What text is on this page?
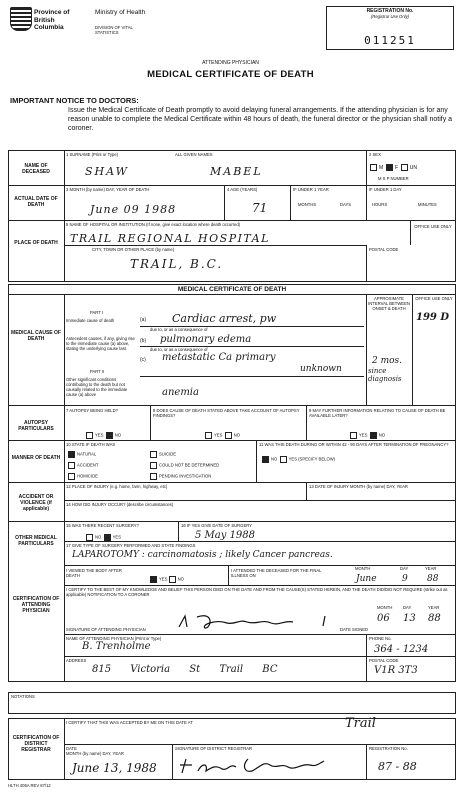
Province of British Columbia
Ministry of Health
DIVISION OF VITAL STATISTICS
REGISTRATION No.
(Registrar Use Only)
011251
ATTENDING PHYSICIAN
MEDICAL CERTIFICATE OF DEATH
IMPORTANT NOTICE TO DOCTORS:
Issue the Medical Certificate of Death promptly to avoid delaying funeral arrangements. If the attending physician is for any reason unable to complete the Medical Certificate within 48 hours of death, the funeral director or the physician shall notify a coroner.
NAME OF DECEASED
1 SURNAME (Print or Type)	ALL GIVEN NAMES
SHAW	MABEL
2 SEX
M F UN
M S P NUMBER
ACTUAL DATE OF DEATH
3 MONTH (by name) DAY, YEAR OF DEATH
June 09 1988
4 AGE (YEARS)
71
IF UNDER 1 YEAR
MONTHS	DAYS
IF UNDER 1 DAY
HOURS	MINUTES
PLACE OF DEATH
5 NAME OF HOSPITAL OR INSTITUTION (If none, give exact location where death occurred)
TRAIL REGIONAL HOSPITAL
CITY, TOWN OR OTHER PLACE (by name)
TRAIL, B.C.
OFFICE USE ONLY
POSTAL CODE
MEDICAL CERTIFICATE OF DEATH
MEDICAL CAUSE OF DEATH
APPROXIMATE INTERVAL BETWEEN ONSET & DEATH
OFFICE USE ONLY
PART I
Immediate cause of death	(a) Cardiac arrest, pw
due to, or as a consequence of
Antecedent causes, if any, giving rise to the immediate cause (a) above, stating the underlying cause last.
(b) pulmonary edema
due to, or as a consequence of
(c) metastatic Ca primary
unknown
PART II
Other significant conditions contributing to the death but not causally related to the immediate cause (a) above	anemia
2 mos.
since diagnosis
199 D
AUTOPSY PARTICULARS
7 AUTOPSY BEING HELD?
YES	NO
8 DOES CAUSE OF DEATH STATED ABOVE TAKE ACCOUNT OF AUTOPSY FINDINGS?
YES	NO
9 MAY FURTHER INFORMATION RELATING TO CAUSE OF DEATH BE AVAILABLE LATER?
YES	NO
MANNER OF DEATH
10 STATE IF DEATH WAS
NATURAL
ACCIDENT
HOMICIDE
SUICIDE
COULD NOT BE DETERMINED
PENDING INVESTIGATION
11 WAS THIS DEATH DURING OR WITHIN 42 - 90 DAYS AFTER TERMINATION OF PREGNANCY?
NO	YES (SPECIFY BELOW)
ACCIDENT OR VIOLENCE (if applicable)
12 PLACE OF INJURY (e.g. home, farm, highway, etc)	13 DATE OF INJURY MONTH (by name) DAY, YEAR
14 HOW DID INJURY OCCUR? (describe circumstances)
OTHER MEDICAL PARTICULARS
15 WAS THERE RECENT SURGERY?
NO	YES
16 IF YES GIVE DATE OF SURGERY
5 May 1988
17 GIVE TYPE OF SURGERY PERFORMED AND STATE FINDINGS
LAPAROTOMY : carcinomatosis ; likely Cancer pancreas.
CERTIFICATION OF ATTENDING PHYSICIAN
I VIEWED THE BODY AFTER DEATH
YES NO
I ATTENDED THE DECEASED FOR THE FINAL ILLNESS ON
MONTH	DAY	YEAR
June	9 88
I CERTIFY TO THE BEST OF MY KNOWLEDGE AND BELIEF THIS PERSON DIED ON THE DATE AND FROM THE CAUSE(S) STATED HEREIN, AND THE DEATH DID/DID NOT REQUIRE (strike out as applicable) NOTIFICATION TO A CORONER
MONTH	DAY	YEAR
06 13 88
SIGNATURE OF ATTENDING PHYSICIAN	DATE SIGNED
NAME OF ATTENDING PHYSICIAN (Print or Type)
B. Trenholme
PHONE No.
364 - 1234
ADDRESS
815 Victoria St Trail BC
POSTAL CODE
V1R 3T3
NOTATIONS
CERTIFICATION OF DISTRICT REGISTRAR
I CERTIFY THAT THIS WAS ACCEPTED BY ME ON THIS DATE AT	Trail
DATE
MONTH (by name) DAY, YEAR
June 13, 1988
SIGNATURE OF DISTRICT REGISTRAR	REGISTRATION No.
87 - 88
HLTH 406A REV 87/12
